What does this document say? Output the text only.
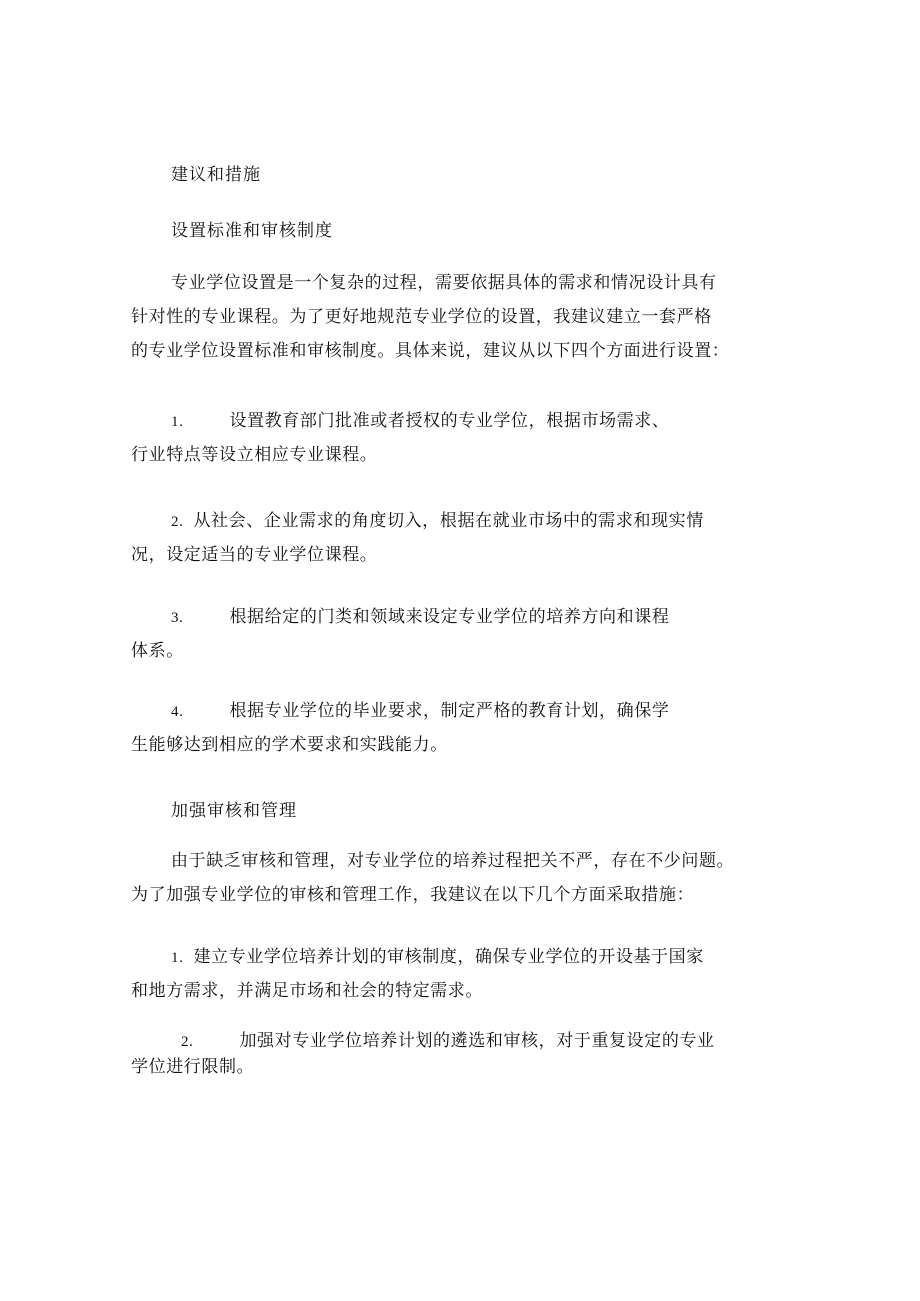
建议和措施
设置标准和审核制度
专业学位设置是一个复杂的过程，需要依据具体的需求和情况设计具有
针对性的专业课程。为了更好地规范专业学位的设置，我建议建立一套严格
的专业学位设置标准和审核制度。具体来说，建议从以下四个方面进行设置：
1.	设置教育部门批准或者授权的专业学位，根据市场需求、
行业特点等设立相应专业课程。
2. 从社会、企业需求的角度切入，根据在就业市场中的需求和现实情
况，设定适当的专业学位课程。
3.	根据给定的门类和领域来设定专业学位的培养方向和课程
体系。
4.	根据专业学位的毕业要求，制定严格的教育计划，确保学
生能够达到相应的学术要求和实践能力。
加强审核和管理
由于缺乏审核和管理，对专业学位的培养过程把关不严，存在不少问题。
为了加强专业学位的审核和管理工作，我建议在以下几个方面采取措施：
1. 建立专业学位培养计划的审核制度，确保专业学位的开设基于国家
和地方需求，并满足市场和社会的特定需求。
2.	加强对专业学位培养计划的遴选和审核，对于重复设定的专业
学位进行限制。
